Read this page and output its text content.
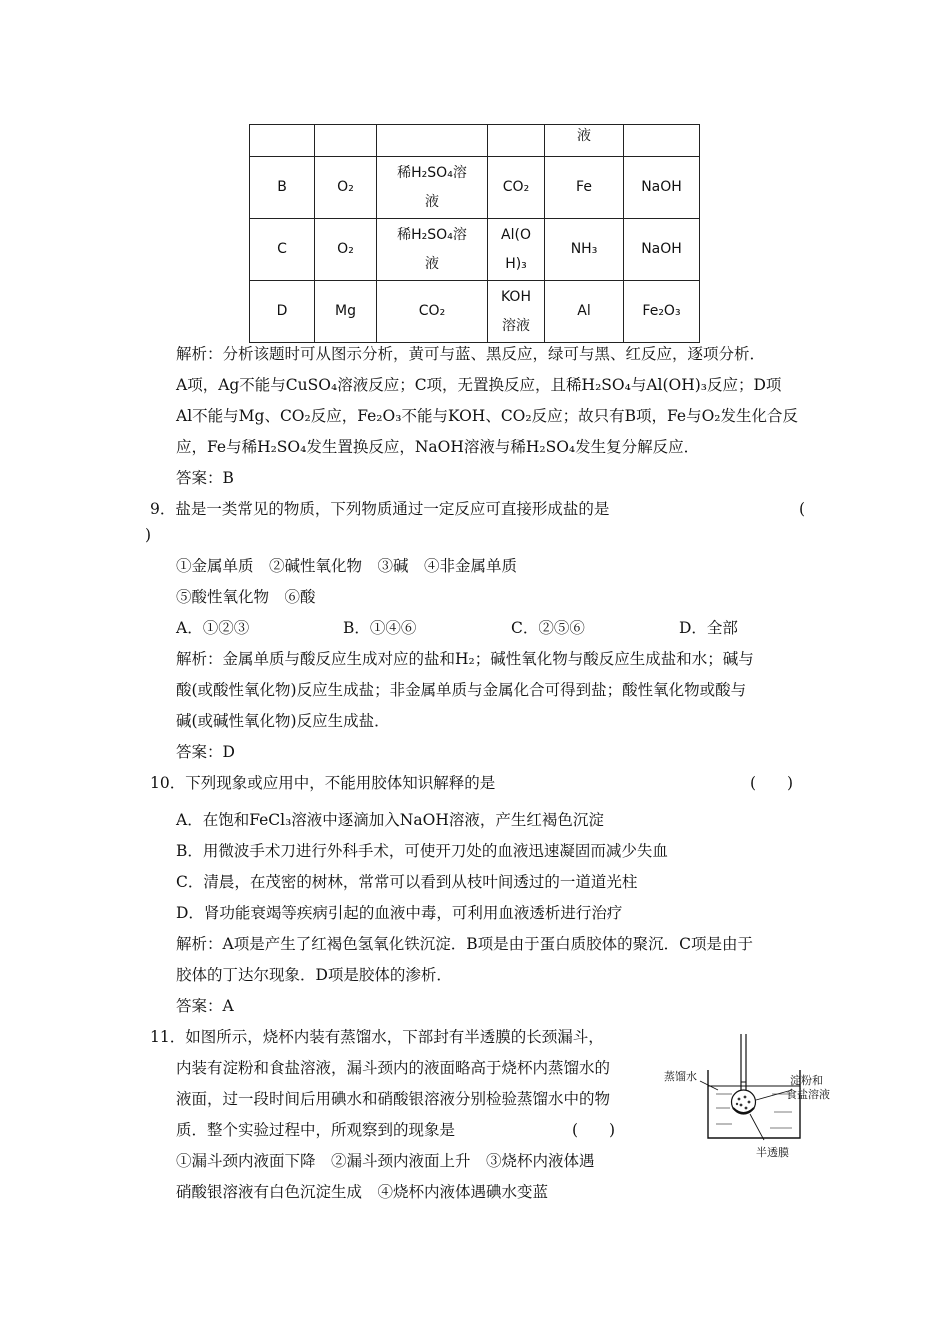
				液	
B	O₂	稀H₂SO₄溶液	CO₂	Fe	NaOH
C	O₂	稀H₂SO₄溶液	Al(OH)₃	NH₃	NaOH
D	Mg	CO₂	KOH溶液	Al	Fe₂O₃
解析：分析该题时可从图示分析，黄可与蓝、黑反应，绿可与黑、红反应，逐项分析．
A项，Ag不能与CuSO₄溶液反应；C项，无置换反应，且稀H₂SO₄与Al(OH)₃反应；D项
Al不能与Mg、CO₂反应，Fe₂O₃不能与KOH、CO₂反应；故只有B项，Fe与O₂发生化合反
应，Fe与稀H₂SO₄发生置换反应，NaOH溶液与稀H₂SO₄发生复分解反应．
答案：B
9．盐是一类常见的物质，下列物质通过一定反应可直接形成盐的是	(
)
①金属单质　②碱性氧化物　③碱　④非金属单质
⑤酸性氧化物　⑥酸
A．①②③	B．①④⑥	C．②⑤⑥	D．全部
解析：金属单质与酸反应生成对应的盐和H₂；碱性氧化物与酸反应生成盐和水；碱与
酸(或酸性氧化物)反应生成盐；非金属单质与金属化合可得到盐；酸性氧化物或酸与
碱(或碱性氧化物)反应生成盐．
答案：D
10．下列现象或应用中，不能用胶体知识解释的是	(　　)
A．在饱和FeCl₃溶液中逐滴加入NaOH溶液，产生红褐色沉淀
B．用微波手术刀进行外科手术，可使开刀处的血液迅速凝固而减少失血
C．清晨，在茂密的树林，常常可以看到从枝叶间透过的一道道光柱
D．肾功能衰竭等疾病引起的血液中毒，可利用血液透析进行治疗
解析：A项是产生了红褐色氢氧化铁沉淀．B项是由于蛋白质胶体的聚沉．C项是由于
胶体的丁达尔现象．D项是胶体的渗析．
答案：A
11．如图所示，烧杯内装有蒸馏水，下部封有半透膜的长颈漏斗，
内装有淀粉和食盐溶液，漏斗颈内的液面略高于烧杯内蒸馏水的
液面，过一段时间后用碘水和硝酸银溶液分别检验蒸馏水中的物
质．整个实验过程中，所观察到的现象是	(　　)
①漏斗颈内液面下降　②漏斗颈内液面上升　③烧杯内液体遇
硝酸银溶液有白色沉淀生成　④烧杯内液体遇碘水变蓝
蒸馏水	淀粉和
食盐溶液
半透膜
